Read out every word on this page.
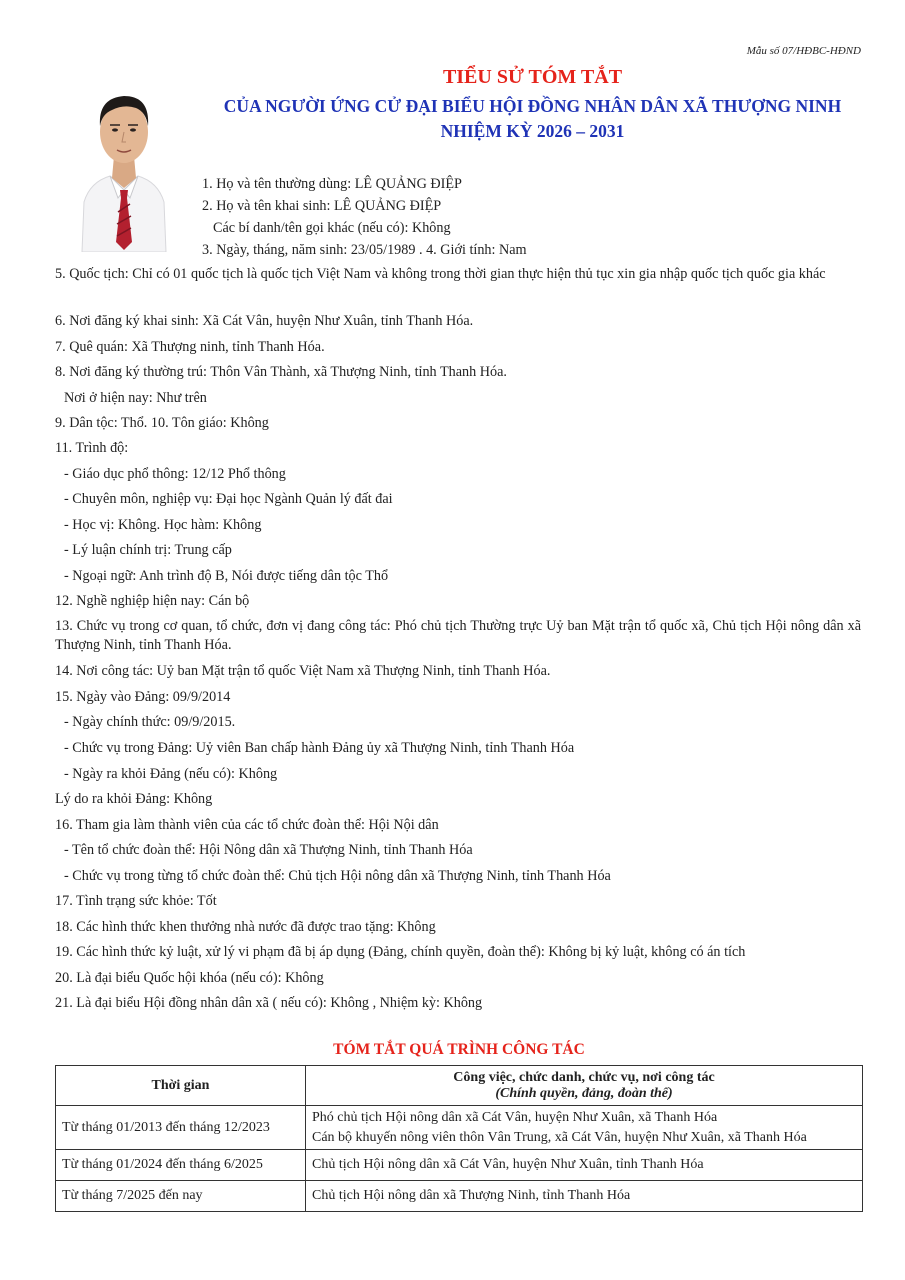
Mẫu số 07/HĐBC-HĐND
TIỂU SỬ TÓM TẮT
CỦA NGƯỜI ỨNG CỬ ĐẠI BIỂU HỘI ĐỒNG NHÂN DÂN XÃ THƯỢNG NINH
NHIỆM KỲ 2026 – 2031
1. Họ và tên thường dùng: LÊ QUẢNG ĐIỆP
2. Họ và tên khai sinh: LÊ QUẢNG ĐIỆP
Các bí danh/tên gọi khác (nếu có): Không
3. Ngày, tháng, năm sinh: 23/05/1989 . 4. Giới tính: Nam
5. Quốc tịch: Chỉ có 01 quốc tịch là quốc tịch Việt Nam và không trong thời gian thực hiện thủ tục xin gia nhập quốc tịch quốc gia khác
6. Nơi đăng ký khai sinh: Xã Cát Vân, huyện Như Xuân, tỉnh Thanh Hóa.
7. Quê quán: Xã Thượng ninh, tỉnh Thanh Hóa.
8. Nơi đăng ký thường trú: Thôn Vân Thành, xã Thượng Ninh, tỉnh Thanh Hóa.
Nơi ở hiện nay: Như trên
9. Dân tộc: Thổ. 10. Tôn giáo: Không
11. Trình độ:
- Giáo dục phổ thông: 12/12 Phổ thông
- Chuyên môn, nghiệp vụ: Đại học Ngành Quản lý đất đai
- Học vị: Không. Học hàm: Không
- Lý luận chính trị: Trung cấp
- Ngoại ngữ: Anh trình độ B, Nói được tiếng dân tộc Thổ
12. Nghề nghiệp hiện nay: Cán bộ
13. Chức vụ trong cơ quan, tổ chức, đơn vị đang công tác: Phó chủ tịch Thường trực Uỷ ban Mặt trận tổ quốc xã, Chủ tịch Hội nông dân xã Thượng Ninh, tỉnh Thanh Hóa.
14. Nơi công tác: Uỷ ban Mặt trận tổ quốc Việt Nam xã Thượng Ninh, tỉnh Thanh Hóa.
15. Ngày vào Đảng: 09/9/2014
- Ngày chính thức: 09/9/2015.
- Chức vụ trong Đảng: Uỷ viên Ban chấp hành Đảng ủy xã Thượng Ninh, tỉnh Thanh Hóa
- Ngày ra khỏi Đảng (nếu có): Không
Lý do ra khỏi Đảng: Không
16. Tham gia làm thành viên của các tổ chức đoàn thể: Hội Nội dân
- Tên tổ chức đoàn thể: Hội Nông dân xã Thượng Ninh, tỉnh Thanh Hóa
- Chức vụ trong từng tổ chức đoàn thể: Chủ tịch Hội nông dân xã Thượng Ninh, tỉnh Thanh Hóa
17. Tình trạng sức khỏe: Tốt
18. Các hình thức khen thưởng nhà nước đã được trao tặng: Không
19. Các hình thức kỷ luật, xử lý vi phạm đã bị áp dụng (Đảng, chính quyền, đoàn thể): Không bị kỷ luật, không có án tích
20. Là đại biểu Quốc hội khóa (nếu có): Không
21. Là đại biểu Hội đồng nhân dân xã ( nếu có): Không , Nhiệm kỳ: Không
TÓM TẮT QUÁ TRÌNH CÔNG TÁC
Thời gian	Công việc, chức danh, chức vụ, nơi công tác
(Chính quyền, đảng, đoàn thể)

Từ tháng 01/2013 đến tháng 12/2023	Phó chủ tịch Hội nông dân xã Cát Vân, huyện Như Xuân, xã Thanh Hóa
Cán bộ khuyến nông viên thôn Vân Trung, xã Cát Vân, huyện Như Xuân, xã Thanh Hóa

Từ tháng 01/2024 đến tháng 6/2025	Chủ tịch Hội nông dân xã Cát Vân, huyện Như Xuân, tỉnh Thanh Hóa
Từ tháng 7/2025 đến nay	Chủ tịch Hội nông dân xã Thượng Ninh, tỉnh Thanh Hóa
